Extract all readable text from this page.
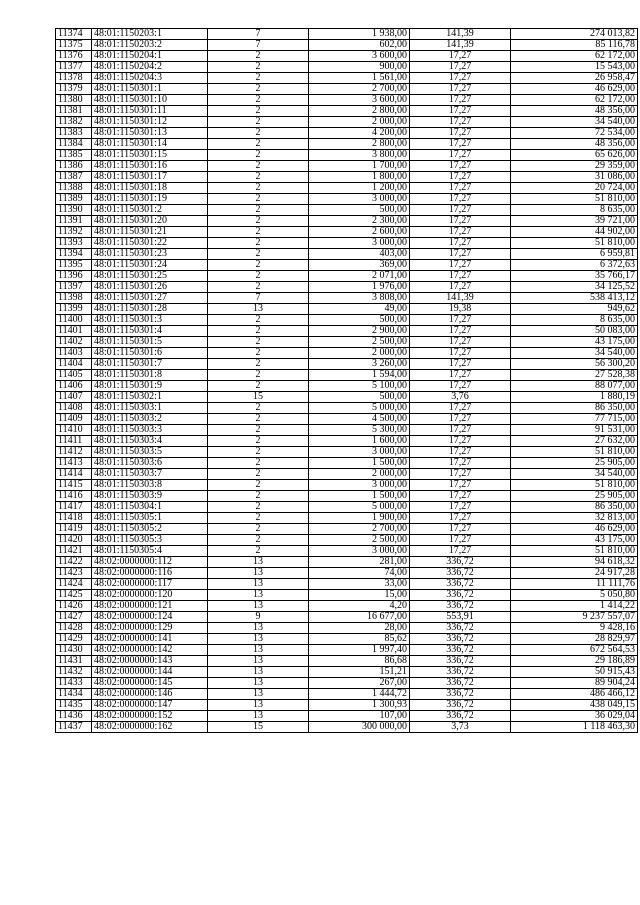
11374	48:01:1150203:1	7	1 938,00	141,39	274 013,82
11375	48:01:1150203:2	7	602,00	141,39	85 116,78
11376	48:01:1150204:1	2	3 600,00	17,27	62 172,00
11377	48:01:1150204:2	2	900,00	17,27	15 543,00
11378	48:01:1150204:3	2	1 561,00	17,27	26 958,47
11379	48:01:1150301:1	2	2 700,00	17,27	46 629,00
11380	48:01:1150301:10	2	3 600,00	17,27	62 172,00
11381	48:01:1150301:11	2	2 800,00	17,27	48 356,00
11382	48:01:1150301:12	2	2 000,00	17,27	34 540,00
11383	48:01:1150301:13	2	4 200,00	17,27	72 534,00
11384	48:01:1150301:14	2	2 800,00	17,27	48 356,00
11385	48:01:1150301:15	2	3 800,00	17,27	65 626,00
11386	48:01:1150301:16	2	1 700,00	17,27	29 359,00
11387	48:01:1150301:17	2	1 800,00	17,27	31 086,00
11388	48:01:1150301:18	2	1 200,00	17,27	20 724,00
11389	48:01:1150301:19	2	3 000,00	17,27	51 810,00
11390	48:01:1150301:2	2	500,00	17,27	8 635,00
11391	48:01:1150301:20	2	2 300,00	17,27	39 721,00
11392	48:01:1150301:21	2	2 600,00	17,27	44 902,00
11393	48:01:1150301:22	2	3 000,00	17,27	51 810,00
11394	48:01:1150301:23	2	403,00	17,27	6 959,81
11395	48:01:1150301:24	2	369,00	17,27	6 372,63
11396	48:01:1150301:25	2	2 071,00	17,27	35 766,17
11397	48:01:1150301:26	2	1 976,00	17,27	34 125,52
11398	48:01:1150301:27	7	3 808,00	141,39	538 413,12
11399	48:01:1150301:28	13	49,00	19,38	949,62
11400	48:01:1150301:3	2	500,00	17,27	8 635,00
11401	48:01:1150301:4	2	2 900,00	17,27	50 083,00
11402	48:01:1150301:5	2	2 500,00	17,27	43 175,00
11403	48:01:1150301:6	2	2 000,00	17,27	34 540,00
11404	48:01:1150301:7	2	3 260,00	17,27	56 300,20
11405	48:01:1150301:8	2	1 594,00	17,27	27 528,38
11406	48:01:1150301:9	2	5 100,00	17,27	88 077,00
11407	48:01:1150302:1	15	500,00	3,76	1 880,19
11408	48:01:1150303:1	2	5 000,00	17,27	86 350,00
11409	48:01:1150303:2	2	4 500,00	17,27	77 715,00
11410	48:01:1150303:3	2	5 300,00	17,27	91 531,00
11411	48:01:1150303:4	2	1 600,00	17,27	27 632,00
11412	48:01:1150303:5	2	3 000,00	17,27	51 810,00
11413	48:01:1150303:6	2	1 500,00	17,27	25 905,00
11414	48:01:1150303:7	2	2 000,00	17,27	34 540,00
11415	48:01:1150303:8	2	3 000,00	17,27	51 810,00
11416	48:01:1150303:9	2	1 500,00	17,27	25 905,00
11417	48:01:1150304:1	2	5 000,00	17,27	86 350,00
11418	48:01:1150305:1	2	1 900,00	17,27	32 813,00
11419	48:01:1150305:2	2	2 700,00	17,27	46 629,00
11420	48:01:1150305:3	2	2 500,00	17,27	43 175,00
11421	48:01:1150305:4	2	3 000,00	17,27	51 810,00
11422	48:02:0000000:112	13	281,00	336,72	94 618,32
11423	48:02:0000000:116	13	74,00	336,72	24 917,28
11424	48:02:0000000:117	13	33,00	336,72	11 111,76
11425	48:02:0000000:120	13	15,00	336,72	5 050,80
11426	48:02:0000000:121	13	4,20	336,72	1 414,22
11427	48:02:0000000:124	9	16 677,00	553,91	9 237 557,07
11428	48:02:0000000:129	13	28,00	336,72	9 428,16
11429	48:02:0000000:141	13	85,62	336,72	28 829,97
11430	48:02:0000000:142	13	1 997,40	336,72	672 564,53
11431	48:02:0000000:143	13	86,68	336,72	29 186,89
11432	48:02:0000000:144	13	151,21	336,72	50 915,43
11433	48:02:0000000:145	13	267,00	336,72	89 904,24
11434	48:02:0000000:146	13	1 444,72	336,72	486 466,12
11435	48:02:0000000:147	13	1 300,93	336,72	438 049,15
11436	48:02:0000000:152	13	107,00	336,72	36 029,04
11437	48:02:0000000:162	15	300 000,00	3,73	1 118 463,30
